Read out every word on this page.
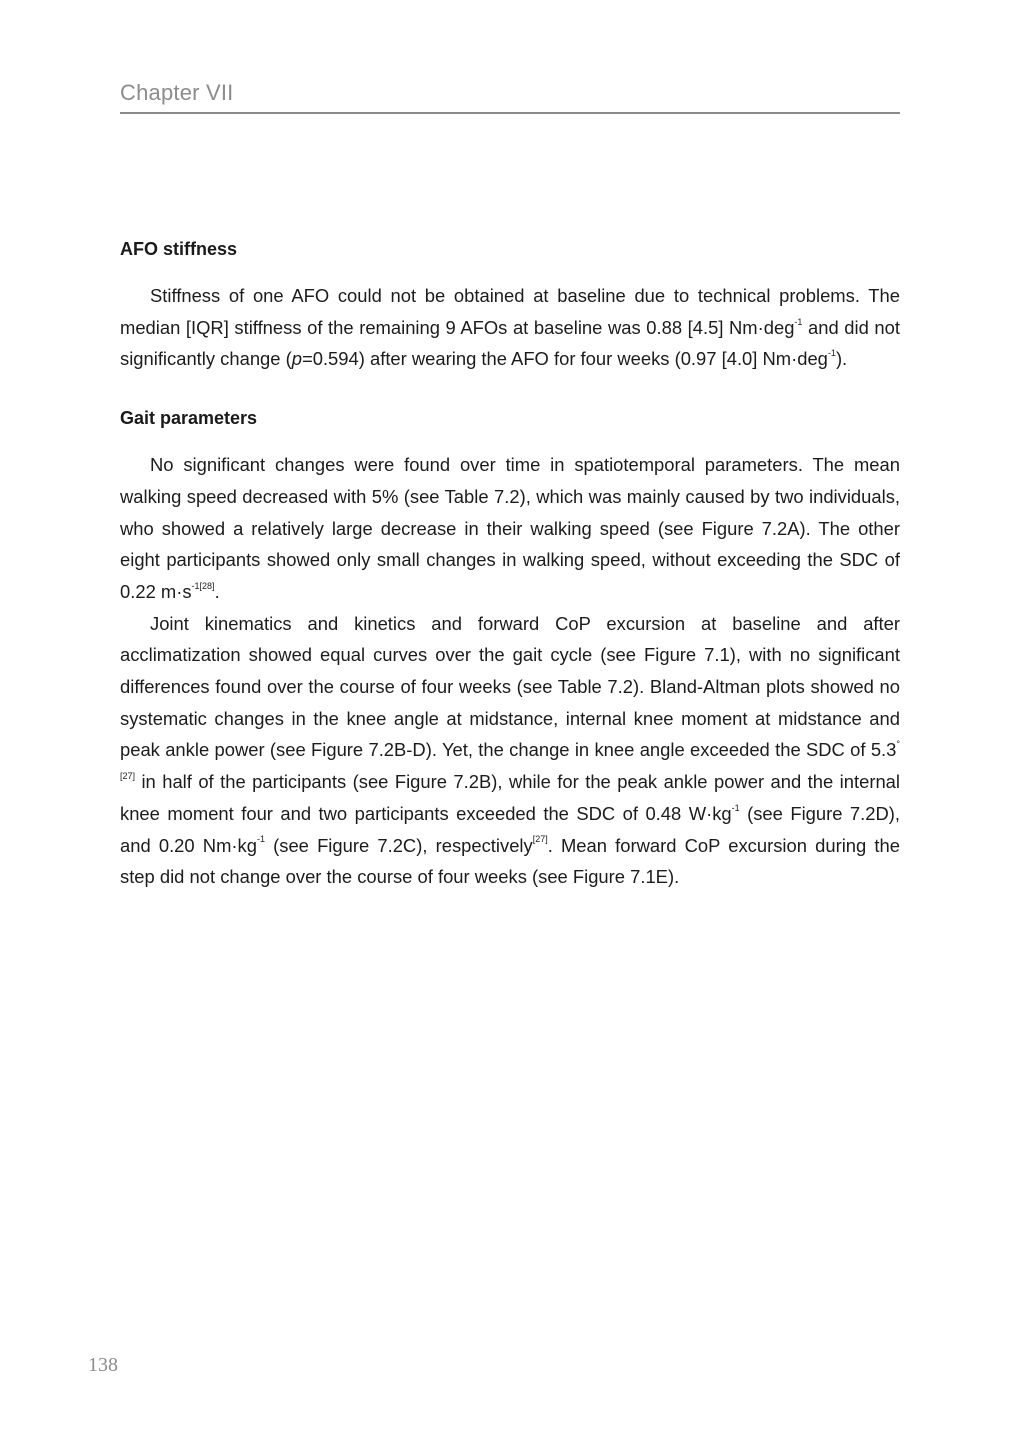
Chapter VII
AFO stiffness

Stiffness of one AFO could not be obtained at baseline due to technical problems. The median [IQR] stiffness of the remaining 9 AFOs at baseline was 0.88 [4.5] Nm·deg$^{-1}$ and did not significantly change (p=0.594) after wearing the AFO for four weeks (0.97 [4.0] Nm·deg$^{-1}$).

Gait parameters

No significant changes were found over time in spatiotemporal parameters. The mean walking speed decreased with 5% (see Table 7.2), which was mainly caused by two individuals, who showed a relatively large decrease in their walking speed (see Figure 7.2A). The other eight participants showed only small changes in walking speed, without exceeding the SDC of 0.22 $m\cdot s^{-1[28]}$.

Joint kinematics and kinetics and forward CoP excursion at baseline and after acclimatization showed equal curves over the gait cycle (see Figure 7.1), with no significant differences found over the course of four weeks (see Table 7.2). Bland-Altman plots showed no systematic changes in the knee angle at midstance, internal knee moment at midstance and peak ankle power (see Figure 7.2B-D). Yet, the change in knee angle exceeded the SDC of $5.3^{^\circ[27]}$ in half of the participants (see Figure 7.2B), while for the peak ankle power and the internal knee moment four and two participants exceeded the SDC of 0.48 $W\cdot kg^{-1}$ (see Figure 7.2D), and 0.20 $Nm\cdot kg^{-1}$ (see Figure 7.2C), respectively[27]. Mean forward CoP excursion during the step did not change over the course of four weeks (see Figure 7.1E).

138
